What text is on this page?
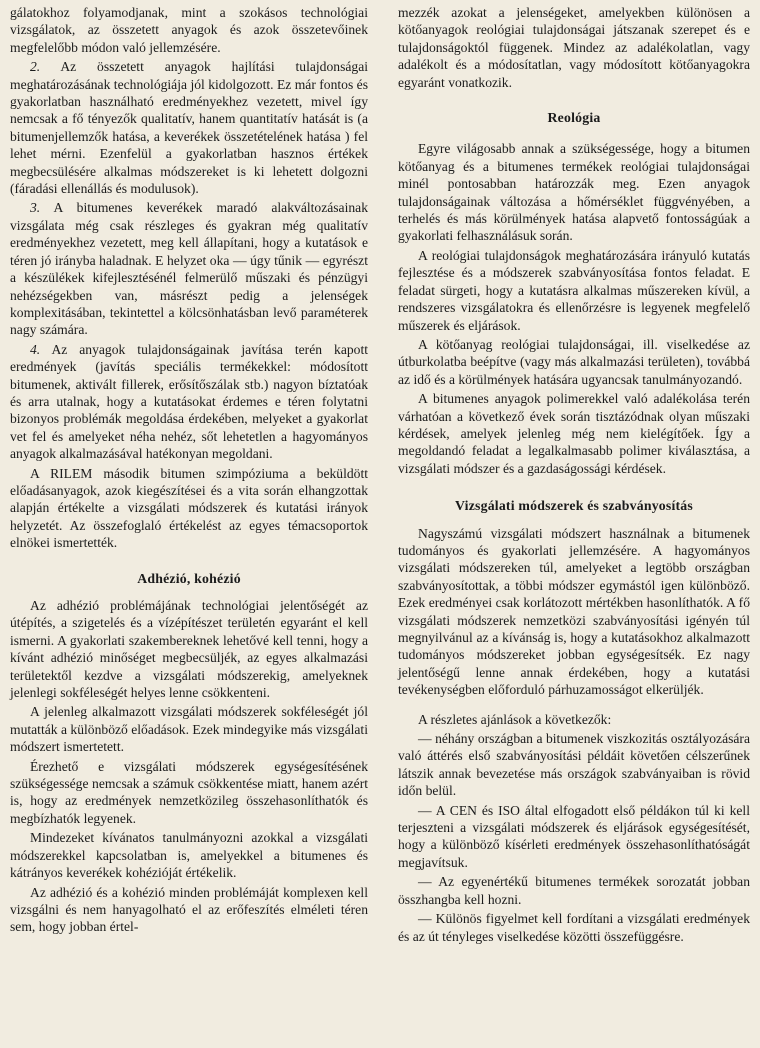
gálatokhoz folyamodjanak, mint a szokásos technológiai vizsgálatok, az összetett anyagok és azok összetevőinek megfelelőbb módon való jellemzésére.

2. Az összetett anyagok hajlítási tulajdonságai meghatározásának technológiája jól kidolgozott. Ez már fontos és gyakorlatban használható eredményekhez vezetett, mivel így nemcsak a fő tényezők qualitatív, hanem quantitatív hatását is (a bitumenjellemzők hatása, a keverékek összetételének hatása ) fel lehet mérni. Ezenfelül a gyakorlatban hasznos értékek megbecsülésére alkalmas módszereket is ki lehetett dolgozni (fáradási ellenállás és modulusok).

3. A bitumenes keverékek maradó alakváltozásainak vizsgálata még csak részleges és gyakran még qualitatív eredményekhez vezetett, meg kell állapítani, hogy a kutatások e téren jó irányba haladnak. E helyzet oka — úgy tűnik — egyrészt a készülékek kifejlesztésénél felmerülő műszaki és pénzügyi nehézségekben van, másrészt pedig a jelenségek komplexitásában, tekintettel a kölcsönhatásban levő paraméterek nagy számára.

4. Az anyagok tulajdonságainak javítása terén kapott eredmények (javítás speciális termékekkel: módosított bitumenek, aktivált fillerek, erősítőszálak stb.) nagyon bíztatóak és arra utalnak, hogy a kutatásokat érdemes e téren folytatni bizonyos problémák megoldása érdekében, melyeket a gyakorlat vet fel és amelyeket néha nehéz, sőt lehetetlen a hagyományos anyagok alkalmazásával hatékonyan megoldani.

A RILEM második bitumen szimpóziuma a beküldött előadásanyagok, azok kiegészítései és a vita során elhangzottak alapján értékelte a vizsgálati módszerek és kutatási irányok helyzetét. Az összefoglaló értékelést az egyes témacsoportok elnökei ismertették.

Adhézió, kohézió

Az adhézió problémájának technológiai jelentőségét az útépítés, a szigetelés és a vízépítészet területén egyaránt el kell ismerni. A gyakorlati szakembereknek lehetővé kell tenni, hogy a kívánt adhézió minőséget megbecsüljék, az egyes alkalmazási területektől kezdve a vizsgálati módszerekig, amelyeknek jelenlegi sokféleségét helyes lenne csökkenteni.

A jelenleg alkalmazott vizsgálati módszerek sokféleségét jól mutatták a különböző előadások. Ezek mindegyike más vizsgálati módszert ismertetett.

Érezhető e vizsgálati módszerek egységesítésének szükségessége nemcsak a számuk csökkentése miatt, hanem azért is, hogy az eredmények nemzetközileg összehasonlíthatók és megbízhatók legyenek.

Mindezeket kívánatos tanulmányozni azokkal a vizsgálati módszerekkel kapcsolatban is, amelyekkel a bitumenes és kátrányos keverékek kohézióját értékelik.

Az adhézió és a kohézió minden problémáját komplexen kell vizsgálni és nem hanyagolható el az erőfeszítés elméleti téren sem, hogy jobban értel-

mezzék azokat a jelenségeket, amelyekben különösen a kötőanyagok reológiai tulajdonságai játszanak szerepet és e tulajdonságoktól függenek. Mindez az adalékolatlan, vagy adalékolt és a módosítatlan, vagy módosított kötőanyagokra egyaránt vonatkozik.

Reológia

Egyre világosabb annak a szükségessége, hogy a bitumen kötőanyag és a bitumenes termékek reológiai tulajdonságai minél pontosabban határozzák meg. Ezen anyagok tulajdonságainak változása a hőmérséklet függvényében, a terhelés és más körülmények hatása alapvető fontosságúak a gyakorlati felhasználásuk során.

A reológiai tulajdonságok meghatározására irányuló kutatás fejlesztése és a módszerek szabványosítása fontos feladat. E feladat sürgeti, hogy a kutatásra alkalmas műszereken kívül, a rendszeres vizsgálatokra és ellenőrzésre is legyenek megfelelő műszerek és eljárások.

A kötőanyag reológiai tulajdonságai, ill. viselkedése az útburkolatba beépítve (vagy más alkalmazási területen), továbbá az idő és a körülmények hatására ugyancsak tanulmányozandó.

A bitumenes anyagok polimerekkel való adalékolása terén várhatóan a következő évek során tisztázódnak olyan műszaki kérdések, amelyek jelenleg még nem kielégítőek. Így a megoldandó feladat a legalkalmasabb polimer kiválasztása, a vizsgálati módszer és a gazdaságossági kérdések.

Vizsgálati módszerek és szabványosítás

Nagyszámú vizsgálati módszert használnak a bitumenek tudományos és gyakorlati jellemzésére. A hagyományos vizsgálati módszereken túl, amelyeket a legtöbb országban szabványosítottak, a többi módszer egymástól igen különböző. Ezek eredményei csak korlátozott mértékben hasonlíthatók. A fő vizsgálati módszerek nemzetközi szabványosítási igényén túl megnyilvánul az a kívánság is, hogy a kutatásokhoz alkalmazott tudományos módszereket jobban egységesítsék. Ez nagy jelentőségű lenne annak érdekében, hogy a kutatási tevékenységben előforduló párhuzamosságot elkerüljék.

A részletes ajánlások a következők:

— néhány országban a bitumenek viszkozitás osztályozására való áttérés első szabványosítási példáit követően célszerűnek látszik annak bevezetése más országok szabványaiban is rövid időn belül.

— A CEN és ISO által elfogadott első példákon túl ki kell terjeszteni a vizsgálati módszerek és eljárások egységesítését, hogy a különböző kísérleti eredmények összehasonlíthatóságát megjavítsuk.

— Az egyenértékű bitumenes termékek sorozatát jobban összhangba kell hozni.

— Különös figyelmet kell fordítani a vizsgálati eredmények és az út tényleges viselkedése közötti összefüggésre.
